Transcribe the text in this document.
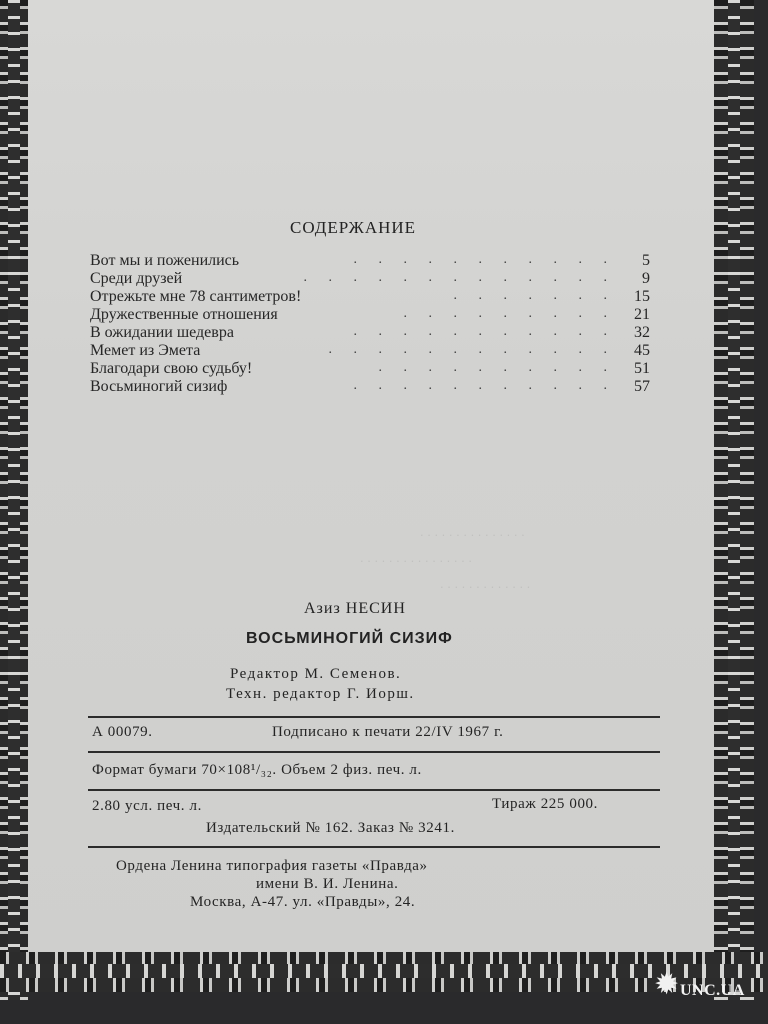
. . . . . . . . . . . . . . .
. . . . . . . . . . . . . . . .
. . . . . . . . . . . . .
СОДЕРЖАНИЕ
Вот мы и поженились	. . . . . . . . . . .	5
Среди друзей	. . . . . . . . . . . . .	9
Отрежьте мне 78 сантиметров!	. . . . . . .	15
Дружественные отношения	. . . . . . . . .	21
В ожидании шедевра	. . . . . . . . . . .	32
Мемет из Эмета	. . . . . . . . . . . .	45
Благодари свою судьбу!	. . . . . . . . . .	51
Восьминогий сизиф	. . . . . . . . . . .	57
Азиз НЕСИН
ВОСЬМИНОГИЙ СИЗИФ
Редактор М. Семенов.
Техн. редактор Г. Иорш.
А 00079.	Подписано к печати 22/IV 1967 г.
Формат бумаги 70×108¹/₃₂. Объем 2 физ. печ. л.
2.80 усл. печ. л.	Тираж 225 000.
Издательский № 162. Заказ № 3241.
Ордена Ленина типография газеты «Правда»
имени В. И. Ленина.
Москва, А-47. ул. «Правды», 24.
✹ UNC.UA
